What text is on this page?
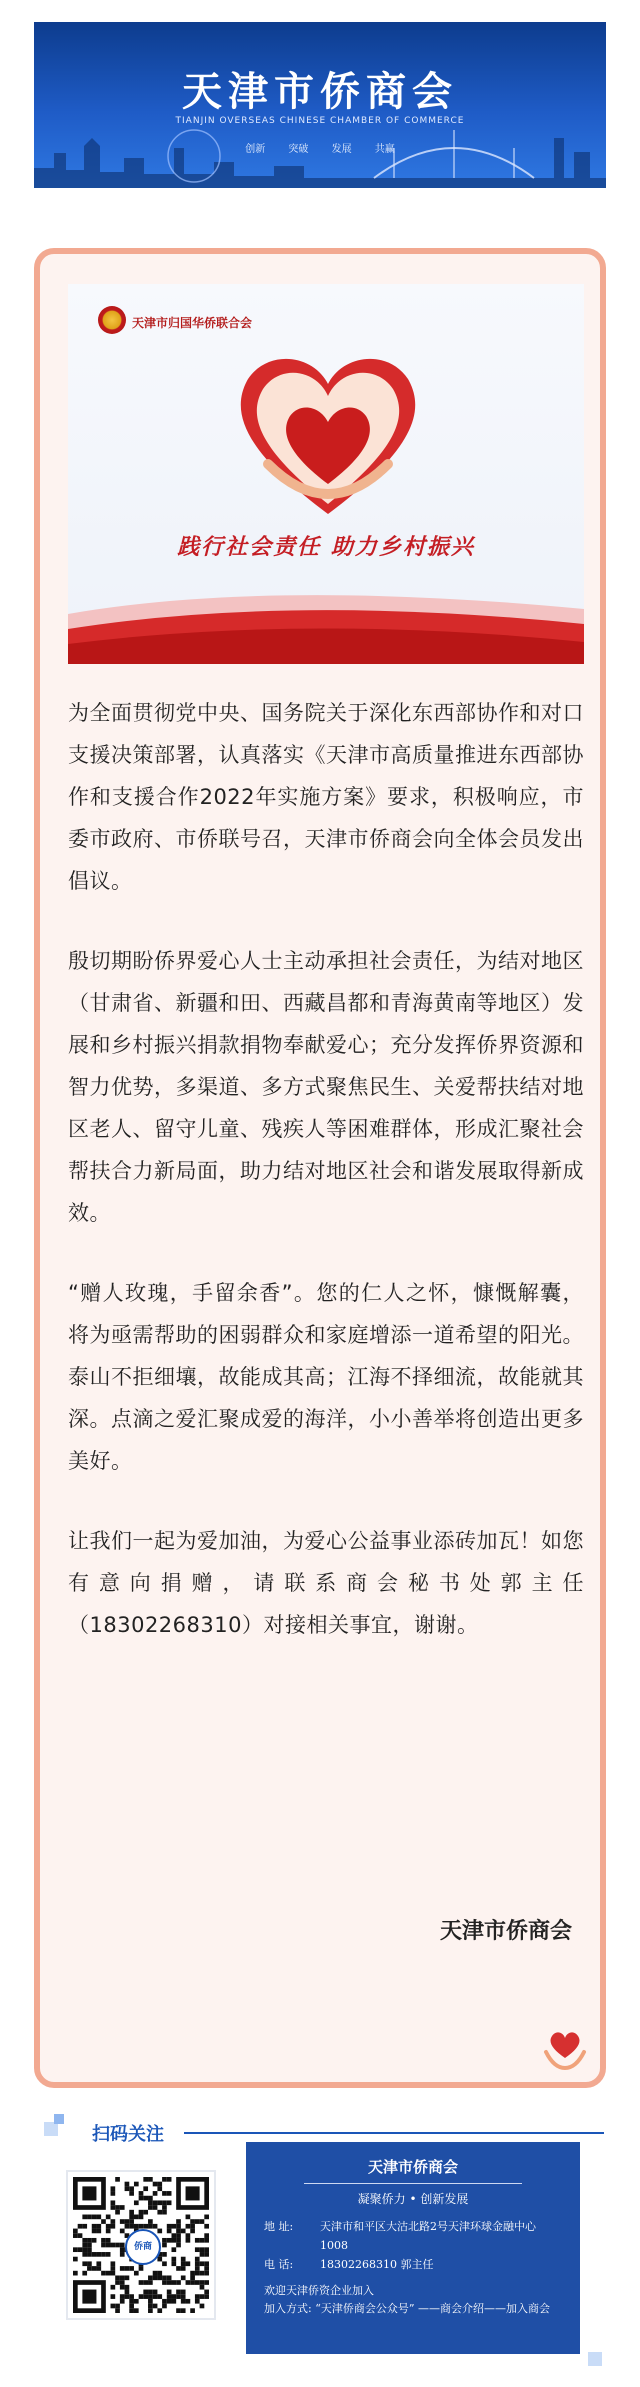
天津市侨商会
TIANJIN OVERSEAS CHINESE CHAMBER OF COMMERCE
创新 突破 发展 共赢
天津市归国华侨联合会
践行社会责任 助力乡村振兴

为全面贯彻党中央、国务院关于深化东西部协作和对口支援决策部署，认真落实《天津市高质量推进东西部协作和支援合作2022年实施方案》要求，积极响应，市委市政府、市侨联号召，天津市侨商会向全体会员发出倡议。

殷切期盼侨界爱心人士主动承担社会责任，为结对地区（甘肃省、新疆和田、西藏昌都和青海黄南等地区）发展和乡村振兴捐款捐物奉献爱心；充分发挥侨界资源和智力优势，多渠道、多方式聚焦民生、关爱帮扶结对地区老人、留守儿童、残疾人等困难群体，形成汇聚社会帮扶合力新局面，助力结对地区社会和谐发展取得新成效。

“赠人玫瑰，手留余香”。您的仁人之怀，慷慨解囊，将为亟需帮助的困弱群众和家庭增添一道希望的阳光。泰山不拒细壤，故能成其高；江海不择细流，故能就其深。点滴之爱汇聚成爱的海洋，小小善举将创造出更多美好。

让我们一起为爱加油，为爱心公益事业添砖加瓦！如您有意向捐赠，请联系商会秘书处郭主任（18302268310）对接相关事宜，谢谢。

天津市侨商会
扫码关注
侨商
天津市侨商会
凝聚侨力 • 创新发展
地 址:	天津市和平区大沽北路2号天津环球金融中心1008
电 话:	18302268310 郭主任
欢迎天津侨资企业加入
加入方式: “天津侨商会公众号” ——商会介绍——加入商会
